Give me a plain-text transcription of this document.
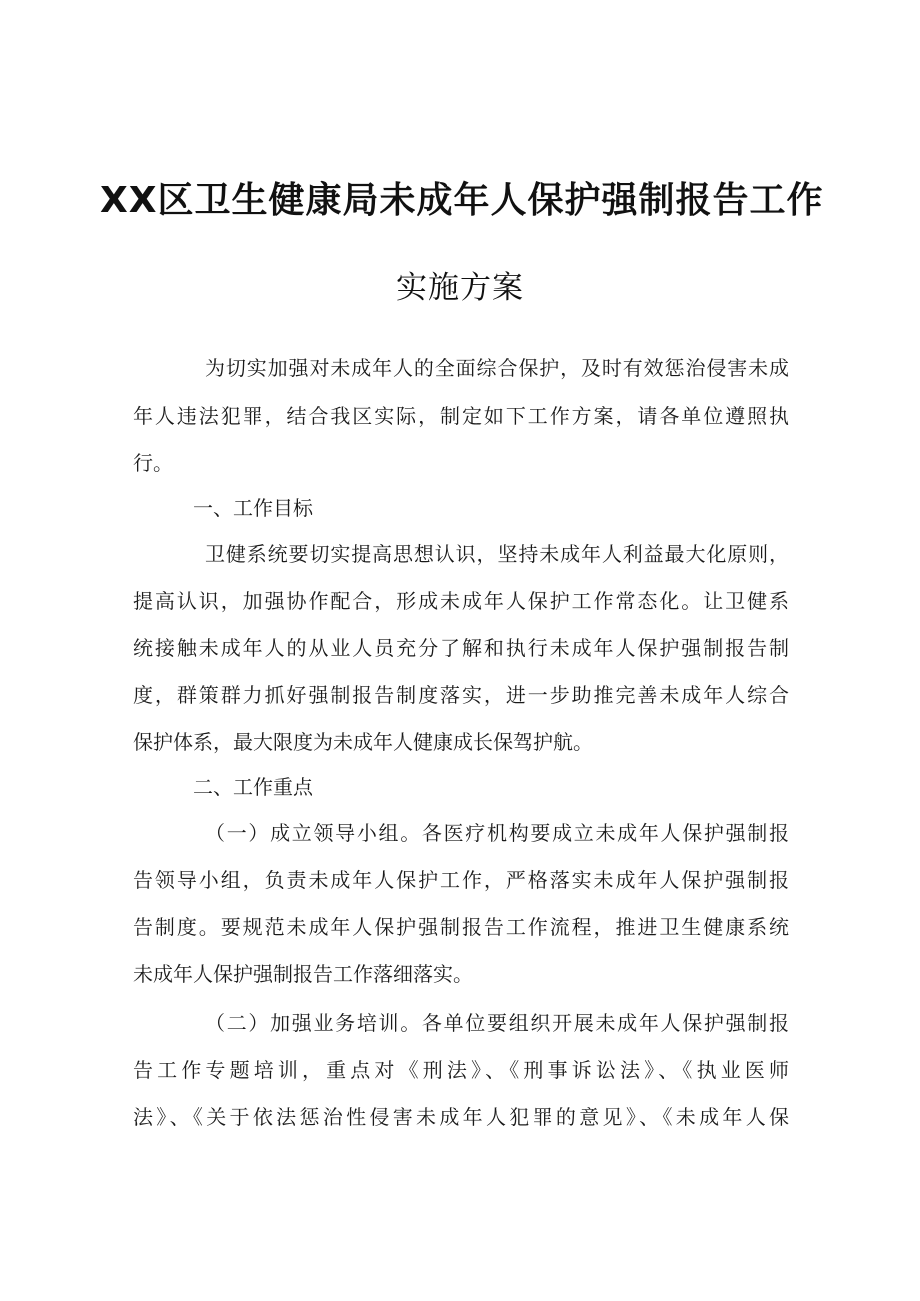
XX区卫生健康局未成年人保护强制报告工作
实施方案
为切实加强对未成年人的全面综合保护，及时有效惩治侵害未成
年人违法犯罪，结合我区实际，制定如下工作方案，请各单位遵照执
行。
一、工作目标
卫健系统要切实提高思想认识，坚持未成年人利益最大化原则，
提高认识，加强协作配合，形成未成年人保护工作常态化。让卫健系
统接触未成年人的从业人员充分了解和执行未成年人保护强制报告制
度，群策群力抓好强制报告制度落实，进一步助推完善未成年人综合
保护体系，最大限度为未成年人健康成长保驾护航。
二、工作重点
（一）成立领导小组。各医疗机构要成立未成年人保护强制报
告领导小组，负责未成年人保护工作，严格落实未成年人保护强制报
告制度。要规范未成年人保护强制报告工作流程，推进卫生健康系统
未成年人保护强制报告工作落细落实。
（二）加强业务培训。各单位要组织开展未成年人保护强制报
告工作专题培训，重点对《刑法》、《刑事诉讼法》、《执业医师
法》、《关于依法惩治性侵害未成年人犯罪的意见》、《未成年人保
